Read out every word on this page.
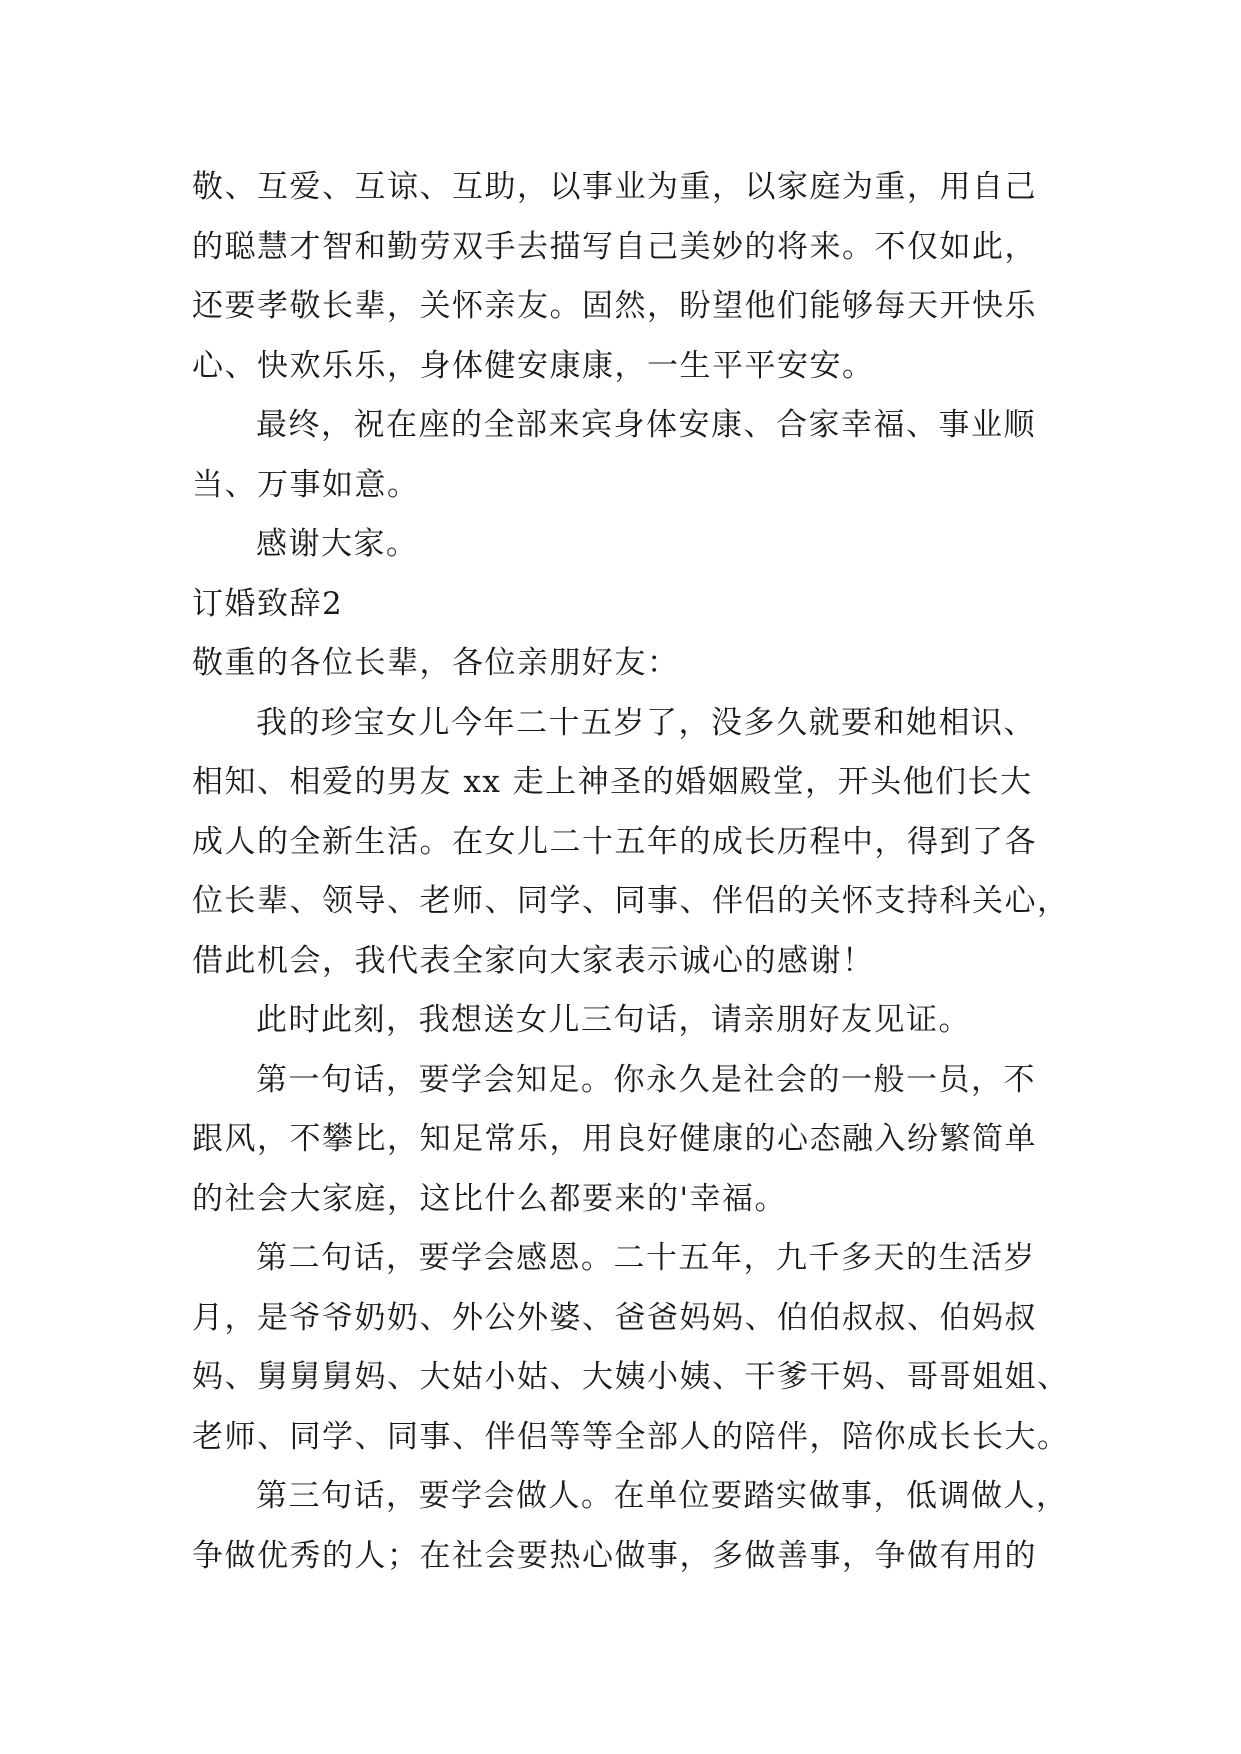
敬、互爱、互谅、互助，以事业为重，以家庭为重，用自己

的聪慧才智和勤劳双手去描写自己美妙的将来。不仅如此，

还要孝敬长辈，关怀亲友。固然，盼望他们能够每天开快乐

心、快欢乐乐，身体健安康康，一生平平安安。

最终，祝在座的全部来宾身体安康、合家幸福、事业顺

当、万事如意。

感谢大家。

订婚致辞2

敬重的各位长辈，各位亲朋好友：

我的珍宝女儿今年二十五岁了，没多久就要和她相识、

相知、相爱的男友 xx 走上神圣的婚姻殿堂，开头他们长大

成人的全新生活。在女儿二十五年的成长历程中，得到了各

位长辈、领导、老师、同学、同事、伴侣的关怀支持科关心，

借此机会，我代表全家向大家表示诚心的感谢！

此时此刻，我想送女儿三句话，请亲朋好友见证。

第一句话，要学会知足。你永久是社会的一般一员，不

跟风，不攀比，知足常乐，用良好健康的心态融入纷繁简单

的社会大家庭，这比什么都要来的'幸福。

第二句话，要学会感恩。二十五年，九千多天的生活岁

月，是爷爷奶奶、外公外婆、爸爸妈妈、伯伯叔叔、伯妈叔

妈、舅舅舅妈、大姑小姑、大姨小姨、干爹干妈、哥哥姐姐、

老师、同学、同事、伴侣等等全部人的陪伴，陪你成长长大。

第三句话，要学会做人。在单位要踏实做事，低调做人，

争做优秀的人；在社会要热心做事，多做善事，争做有用的
